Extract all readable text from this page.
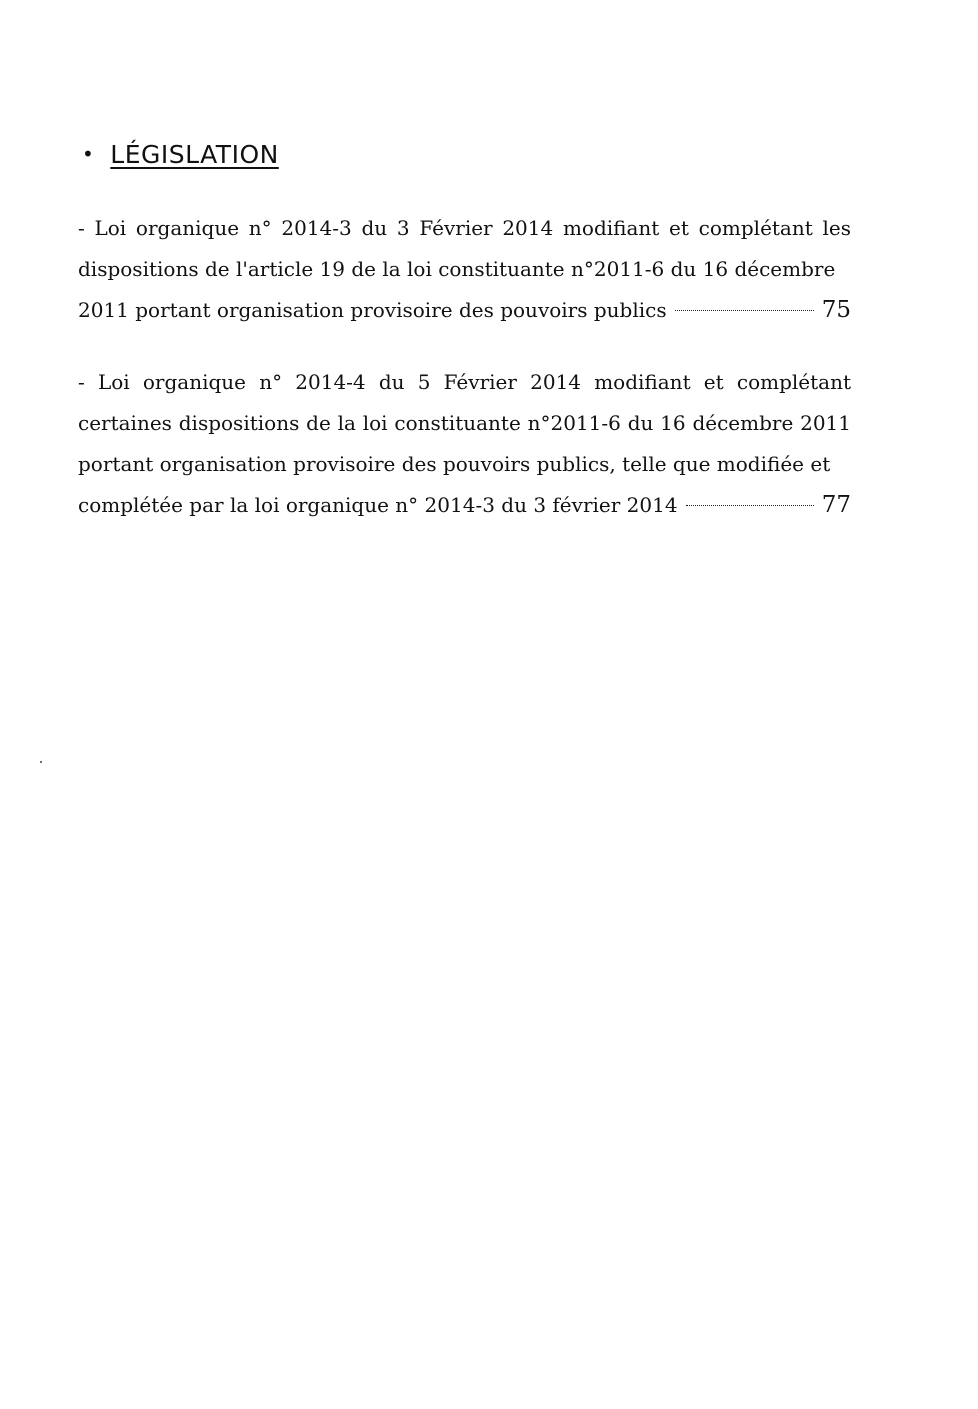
• LÉGISLATION
- Loi organique n° 2014-3 du 3 Février 2014 modifiant et complétant les dispositions de l'article 19 de la loi constituante n°2011-6 du 16 décembre
2011 portant organisation provisoire des pouvoirs publics	75
- Loi organique n° 2014-4 du 5 Février 2014 modifiant et complétant certaines dispositions de la loi constituante n°2011-6 du 16 décembre 2011 portant organisation provisoire des pouvoirs publics, telle que modifiée et
complétée par la loi organique n° 2014-3 du 3 février 2014	77
